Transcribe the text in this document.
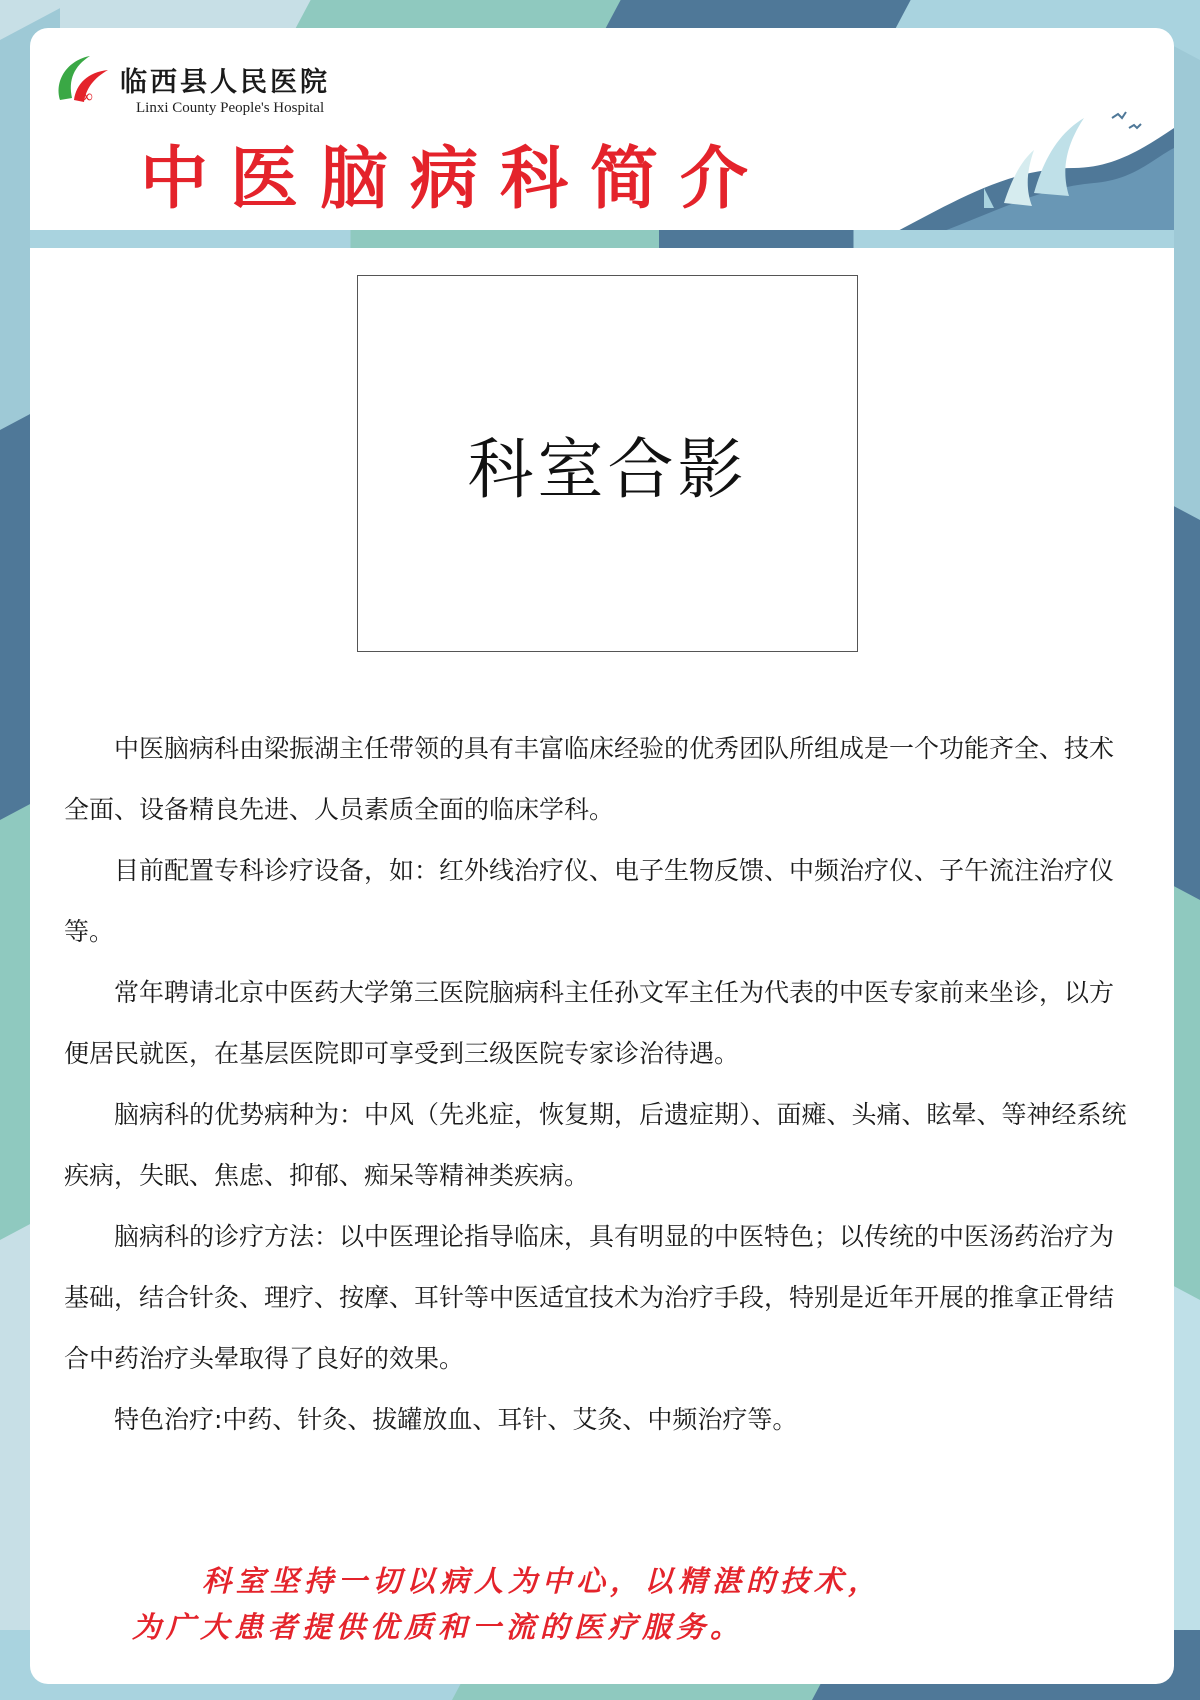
∞ 临西县人民医院

Linxi County People's Hospital

中医脑病科简介
科室合影

中医脑病科由梁振湖主任带领的具有丰富临床经验的优秀团队所组成是一个功能齐全、技术全面、设备精良先进、人员素质全面的临床学科。

目前配置专科诊疗设备，如：红外线治疗仪、电子生物反馈、中频治疗仪、子午流注治疗仪等。

常年聘请北京中医药大学第三医院脑病科主任孙文军主任为代表的中医专家前来坐诊，以方便居民就医，在基层医院即可享受到三级医院专家诊治待遇。

脑病科的优势病种为：中风（先兆症，恢复期，后遗症期）、面瘫、头痛、眩晕、等神经系统疾病，失眠、焦虑、抑郁、痴呆等精神类疾病。

脑病科的诊疗方法：以中医理论指导临床，具有明显的中医特色；以传统的中医汤药治疗为基础，结合针灸、理疗、按摩、耳针等中医适宜技术为治疗手段，特别是近年开展的推拿正骨结合中药治疗头晕取得了良好的效果。

特色治疗:中药、针灸、拔罐放血、耳针、艾灸、中频治疗等。

科室坚持一切以病人为中心，以精湛的技术，
为广大患者提供优质和一流的医疗服务。
